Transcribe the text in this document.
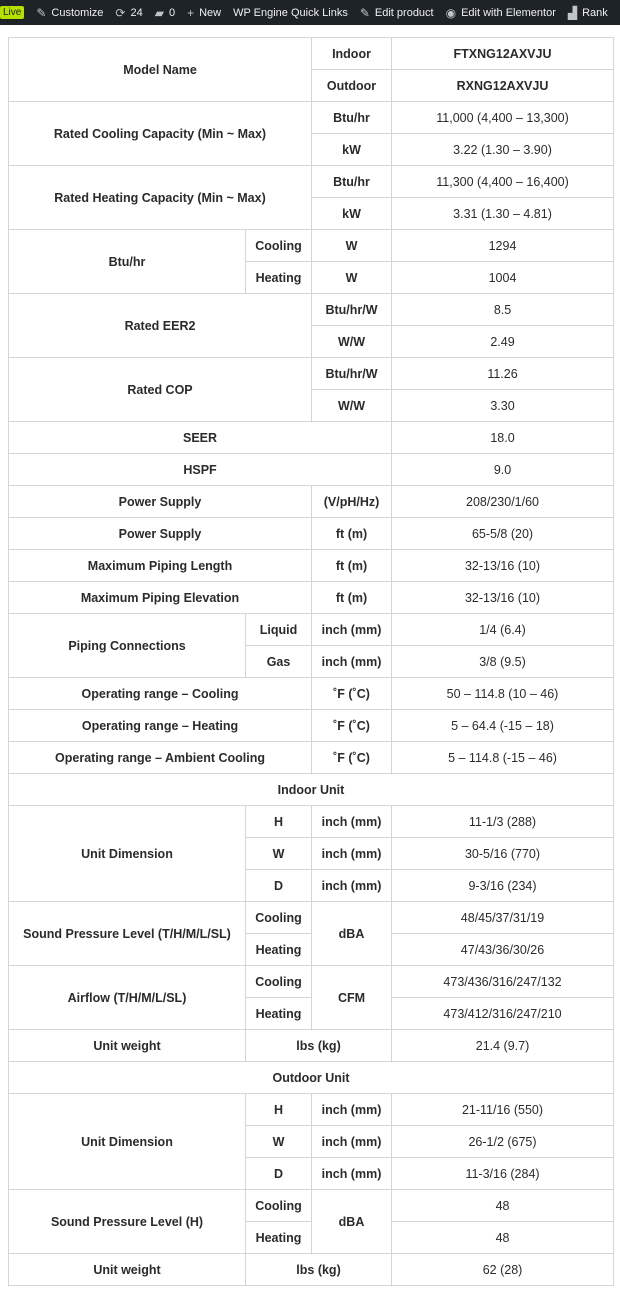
Live ✎ Customize ⟳ 24 ▰ 0 + New WP Engine Quick Links ✎ Edit product ◉ Edit with Elementor ▟ Rank
Model Name		Indoor	FTXNG12AXVJU
		Outdoor	RXNG12AXVJU
Rated Cooling Capacity (Min ~ Max)		Btu/hr	11,000 (4,400 – 13,300)
		kW	3.22 (1.30 – 3.90)
Rated Heating Capacity (Min ~ Max)		Btu/hr	11,300 (4,400 – 16,400)
		kW	3.31 (1.30 – 4.81)
Btu/hr	Cooling	W	1294
	Heating	W	1004
Rated EER2		Btu/hr/W	8.5
		W/W	2.49
Rated COP		Btu/hr/W	11.26
		W/W	3.30
SEER			18.0
HSPF			9.0
Power Supply		(V/pH/Hz)	208/230/1/60
Power Supply		ft (m)	65-5/8 (20)
Maximum Piping Length		ft (m)	32-13/16 (10)
Maximum Piping Elevation		ft (m)	32-13/16 (10)
Piping Connections	Liquid	inch (mm)	1/4 (6.4)
	Gas	inch (mm)	3/8 (9.5)
Operating range – Cooling		˚F (˚C)	50 – 114.8 (10 – 46)
Operating range – Heating		˚F (˚C)	5 – 64.4 (-15 – 18)
Operating range – Ambient Cooling		˚F (˚C)	5 – 114.8 (-15 – 46)
Indoor Unit			
Unit Dimension	H	inch (mm)	11-1/3 (288)
	W	inch (mm)	30-5/16 (770)
	D	inch (mm)	9-3/16 (234)
Sound Pressure Level (T/H/M/L/SL)	Cooling	dBA	48/45/37/31/19
	Heating		47/43/36/30/26
Airflow (T/H/M/L/SL)	Cooling	CFM	473/436/316/247/132
	Heating		473/412/316/247/210
Unit weight	lbs (kg)		21.4 (9.7)
Outdoor Unit			
Unit Dimension	H	inch (mm)	21-11/16 (550)
	W	inch (mm)	26-1/2 (675)
	D	inch (mm)	11-3/16 (284)
Sound Pressure Level (H)	Cooling	dBA	48
	Heating		48
Unit weight	lbs (kg)		62 (28)
